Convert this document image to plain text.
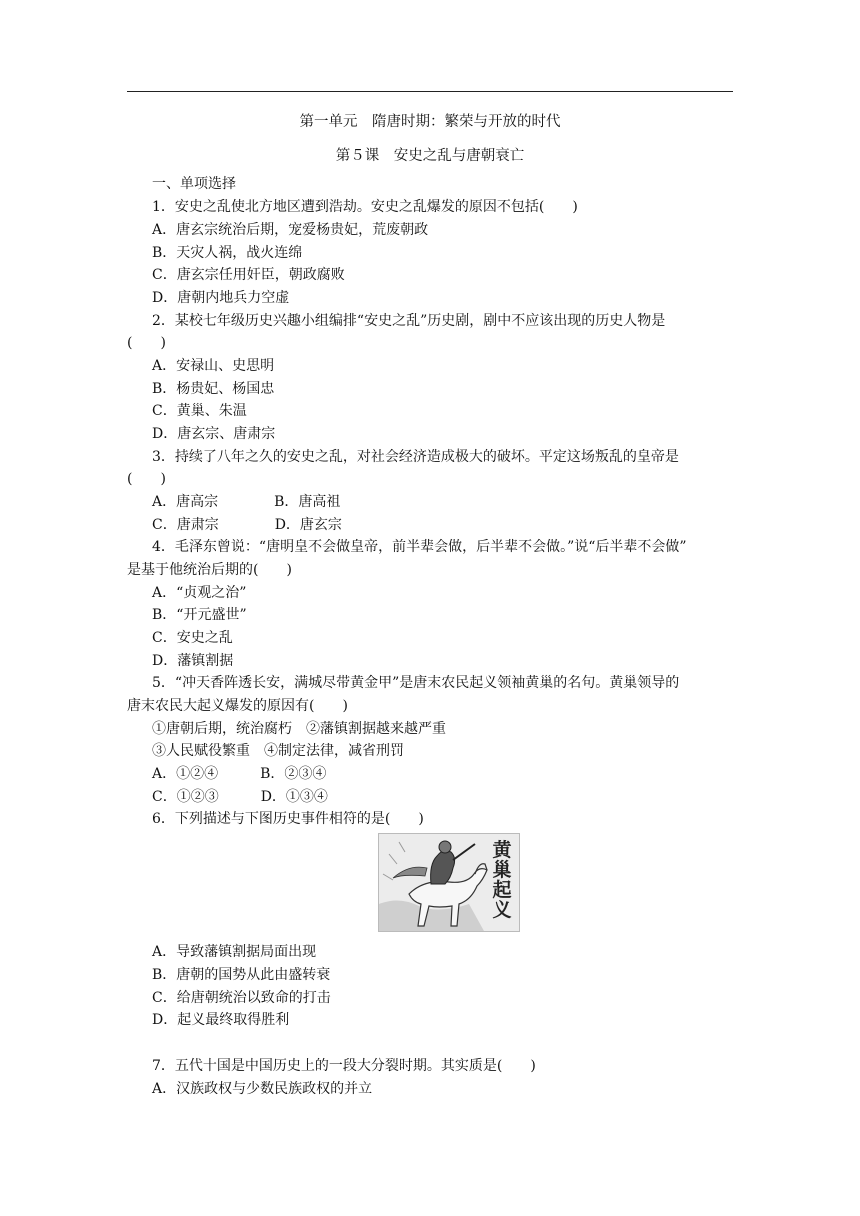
第一单元　隋唐时期：繁荣与开放的时代
第５课　安史之乱与唐朝衰亡
一、单项选择
1．安史之乱使北方地区遭到浩劫。安史之乱爆发的原因不包括(　　)
A．唐玄宗统治后期，宠爱杨贵妃，荒废朝政
B．天灾人祸，战火连绵
C．唐玄宗任用奸臣，朝政腐败
D．唐朝内地兵力空虚
2．某校七年级历史兴趣小组编排“安史之乱”历史剧，剧中不应该出现的历史人物是
(　　)
A．安禄山、史思明
B．杨贵妃、杨国忠
C．黄巢、朱温
D．唐玄宗、唐肃宗
3．持续了八年之久的安史之乱，对社会经济造成极大的破坏。平定这场叛乱的皇帝是
(　　)
A．唐高宗　　　　B．唐高祖
C．唐肃宗　　　　D．唐玄宗
4．毛泽东曾说：“唐明皇不会做皇帝，前半辈会做，后半辈不会做。”说“后半辈不会做”
是基于他统治后期的(　　)
A．“贞观之治”
B．“开元盛世”
C．安史之乱
D．藩镇割据
5．“冲天香阵透长安，满城尽带黄金甲”是唐末农民起义领袖黄巢的名句。黄巢领导的
唐末农民大起义爆发的原因有(　　)
①唐朝后期，统治腐朽　②藩镇割据越来越严重
③人民赋役繁重　④制定法律，减省刑罚
A．①②④　　　B．②③④
C．①②③　　　D．①③④
6．下列描述与下图历史事件相符的是(　　)
黄巢起义
A．导致藩镇割据局面出现
B．唐朝的国势从此由盛转衰
C．给唐朝统治以致命的打击
D．起义最终取得胜利
7．五代十国是中国历史上的一段大分裂时期。其实质是(　　)
A．汉族政权与少数民族政权的并立
